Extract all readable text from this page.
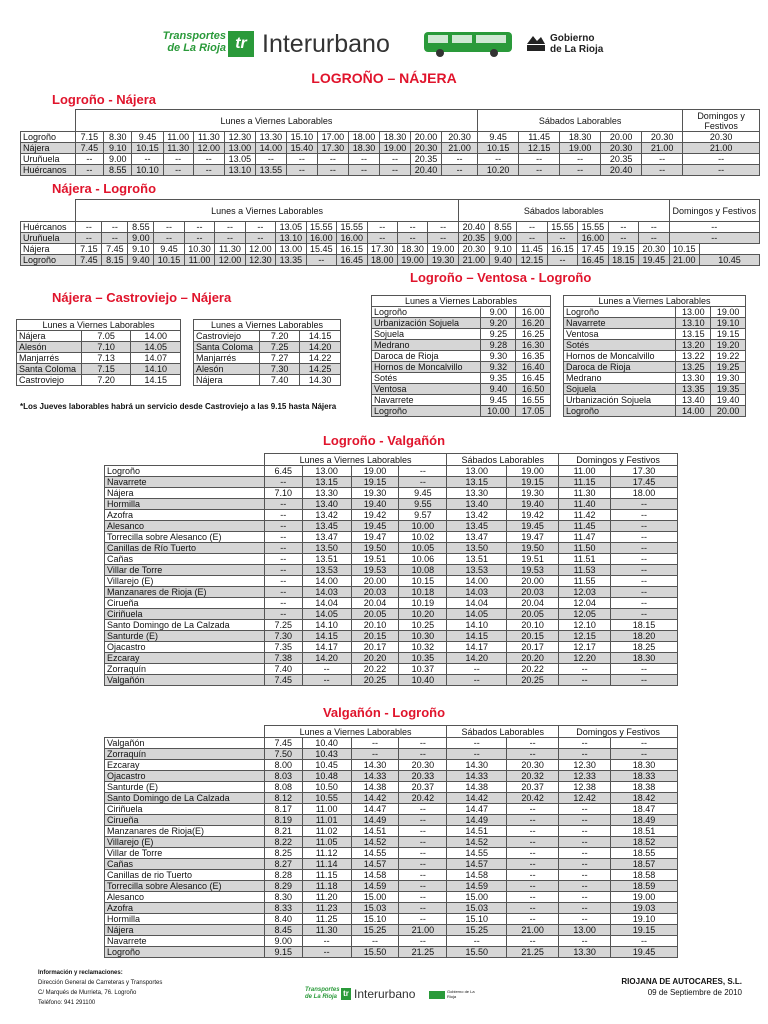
Transportes
de La Rioja tr Interurbano	Gobierno
de La Rioja
LOGROÑO – NÁJERA
Logroño - Nájera
	Lunes a Viernes Laborables													Sábados Laborables					Domingos y Festivos

Logroño	7.15	8.30	9.45	11.00	11.30	12.30	13.30	15.10	17.00	18.00	18.30	20.00	20.30	9.45	11.45	18.30	20.00	20.30	20.30
Nájera	7.45	9.10	10.15	11.30	12.00	13.00	14.00	15.40	17.30	18.30	19.00	20.30	21.00	10.15	12.15	19.00	20.30	21.00	21.00
Uruñuela	--	9.00	--	--	--	13.05	--	--	--	--	--	20.35	--	--	--	--	20.35	--	--
Huércanos	--	8.55	10.10	--	--	13.10	13.55	--	--	--	--	20.40	--	10.20	--	--	20.40	--	--
Nájera - Logroño
	Lunes a Viernes Laborables													Sábados laborables							Domingos y Festivos	

Huércanos	--	--	8.55	--	--	--	--	13.05	15.55	15.55	--	--	--	20.40	8.55	--	15.55	15.55	--	--	--	
Uruñuela	--	--	9.00	--	--	--	--	13.10	16.00	16.00	--	--	--	20.35	9.00	--	--	16.00	--	--	--	
Nájera	7.15	7.45	9.10	9.45	10.30	11.30	12.00	13.00	15.45	16.15	17.30	18.30	19.00	20.30	9.10	11.45	16.15	17.45	19.15	20.30	10.15	
Logroño	7.45	8.15	9.40	10.15	11.00	12.00	12.30	13.35	--	16.45	18.00	19.00	19.30	21.00	9.40	12.15	--	16.45	18.15	19.45	21.00	10.45
Nájera – Castroviejo – Nájera
Lunes a Viernes Laborables		
Nájera	7.05	14.00
Alesón	7.10	14.05
Manjarrés	7.13	14.07
Santa Coloma	7.15	14.10
Castroviejo	7.20	14.15
Lunes a Viernes Laborables		
Castroviejo	7.20	14.15
Santa Coloma	7.25	14.20
Manjarrés	7.27	14.22
Alesón	7.30	14.25
Nájera	7.40	14.30
*Los Jueves laborables habrá un servicio desde Castroviejo a las 9.15 hasta Nájera
Logroño – Ventosa - Logroño
Lunes a Viernes Laborables		
Logroño	9.00	16.00
Urbanización Sojuela	9.20	16.20
Sojuela	9.25	16.25
Medrano	9.28	16.30
Daroca de Rioja	9.30	16.35
Hornos de Moncalvillo	9.32	16.40
Sotés	9.35	16.45
Ventosa	9.40	16.50
Navarrete	9.45	16.55
Logroño	10.00	17.05
Lunes a Viernes Laborables		
Logroño	13.00	19.00
Navarrete	13.10	19.10
Ventosa	13.15	19.15
Sotés	13.20	19.20
Hornos de Moncalvillo	13.22	19.22
Daroca de Rioja	13.25	19.25
Medrano	13.30	19.30
Sojuela	13.35	19.35
Urbanización Sojuela	13.40	19.40
Logroño	14.00	20.00
Logroño - Valgañón
	Lunes a Viernes Laborables				Sábados Laborables		Domingos y Festivos	

Logroño	6.45	13.00	19.00	--	13.00	19.00	11.00	17.30
Navarrete	--	13.15	19.15	--	13.15	19.15	11.15	17.45
Nájera	7.10	13.30	19.30	9.45	13.30	19.30	11.30	18.00
Hormilla	--	13.40	19.40	9.55	13.40	19.40	11.40	--
Azofra	--	13.42	19.42	9.57	13.42	19.42	11.42	--
Alesanco	--	13.45	19.45	10.00	13.45	19.45	11.45	--
Torrecilla sobre Alesanco (E)	--	13.47	19.47	10.02	13.47	19.47	11.47	--
Canillas de Río Tuerto	--	13.50	19.50	10.05	13.50	19.50	11.50	--
Cañas	--	13.51	19.51	10.06	13.51	19.51	11.51	--
Villar de Torre	--	13.53	19.53	10.08	13.53	19.53	11.53	--
Villarejo (E)	--	14.00	20.00	10.15	14.00	20.00	11.55	--
Manzanares de Rioja (E)	--	14.03	20.03	10.18	14.03	20.03	12.03	--
Cirueña	--	14.04	20.04	10.19	14.04	20.04	12.04	--
Ciriñuela	--	14.05	20.05	10.20	14.05	20.05	12.05	--
Santo Domingo de La Calzada	7.25	14.10	20.10	10.25	14.10	20.10	12.10	18.15
Santurde (E)	7.30	14.15	20.15	10.30	14.15	20.15	12.15	18.20
Ojacastro	7.35	14.17	20.17	10.32	14.17	20.17	12.17	18.25
Ezcaray	7.38	14.20	20.20	10.35	14.20	20.20	12.20	18.30
Zorraquín	7.40	--	20.22	10.37	--	20.22	--	--
Valgañón	7.45	--	20.25	10.40	--	20.25	--	--
Valgañón - Logroño
	Lunes a Viernes Laborables				Sábados Laborables		Domingos y Festivos	

Valgañón	7.45	10.40	--	--	--	--	--	--
Zorraquín	7.50	10.43	--	--	--	--	--	--
Ezcaray	8.00	10.45	14.30	20.30	14.30	20.30	12.30	18.30
Ojacastro	8.03	10.48	14.33	20.33	14.33	20.32	12.33	18.33
Santurde (E)	8.08	10.50	14.38	20.37	14.38	20.37	12.38	18.38
Santo Domingo de La Calzada	8.12	10.55	14.42	20.42	14.42	20.42	12.42	18.42
Ciriñuela	8.17	11.00	14.47	--	14.47	--	--	18.47
Cirueña	8.19	11.01	14.49	--	14.49	--	--	18.49
Manzanares de Rioja(E)	8.21	11.02	14.51	--	14.51	--	--	18.51
Villarejo (E)	8.22	11.05	14.52	--	14.52	--	--	18.52
Villar de Torre	8.25	11.12	14.55	--	14.55	--	--	18.55
Cañas	8.27	11.14	14.57	--	14.57	--	--	18.57
Canillas de rio Tuerto	8.28	11.15	14.58	--	14.58	--	--	18.58
Torrecilla sobre Alesanco (E)	8.29	11.18	14.59	--	14.59	--	--	18.59
Alesanco	8.30	11.20	15.00	--	15.00	--	--	19.00
Azofra	8.33	11.23	15.03	--	15.03	--	--	19.03
Hormilla	8.40	11.25	15.10	--	15.10	--	--	19.10
Nájera	8.45	11.30	15.25	21.00	15.25	21.00	13.00	19.15
Navarrete	9.00	--	--	--	--	--	--	--
Logroño	9.15	--	15.50	21.25	15.50	21.25	13.30	19.45
Información y reclamaciones:
Dirección General de Carreteras y Transportes
C/ Marqués de Murrieta, 76. Logroño
Teléfono: 941 291100
Transportes
de La Rioja tr Interurbano	Gobierno de La Rioja
RIOJANA DE AUTOCARES, S.L.
09 de Septiembre de 2010
